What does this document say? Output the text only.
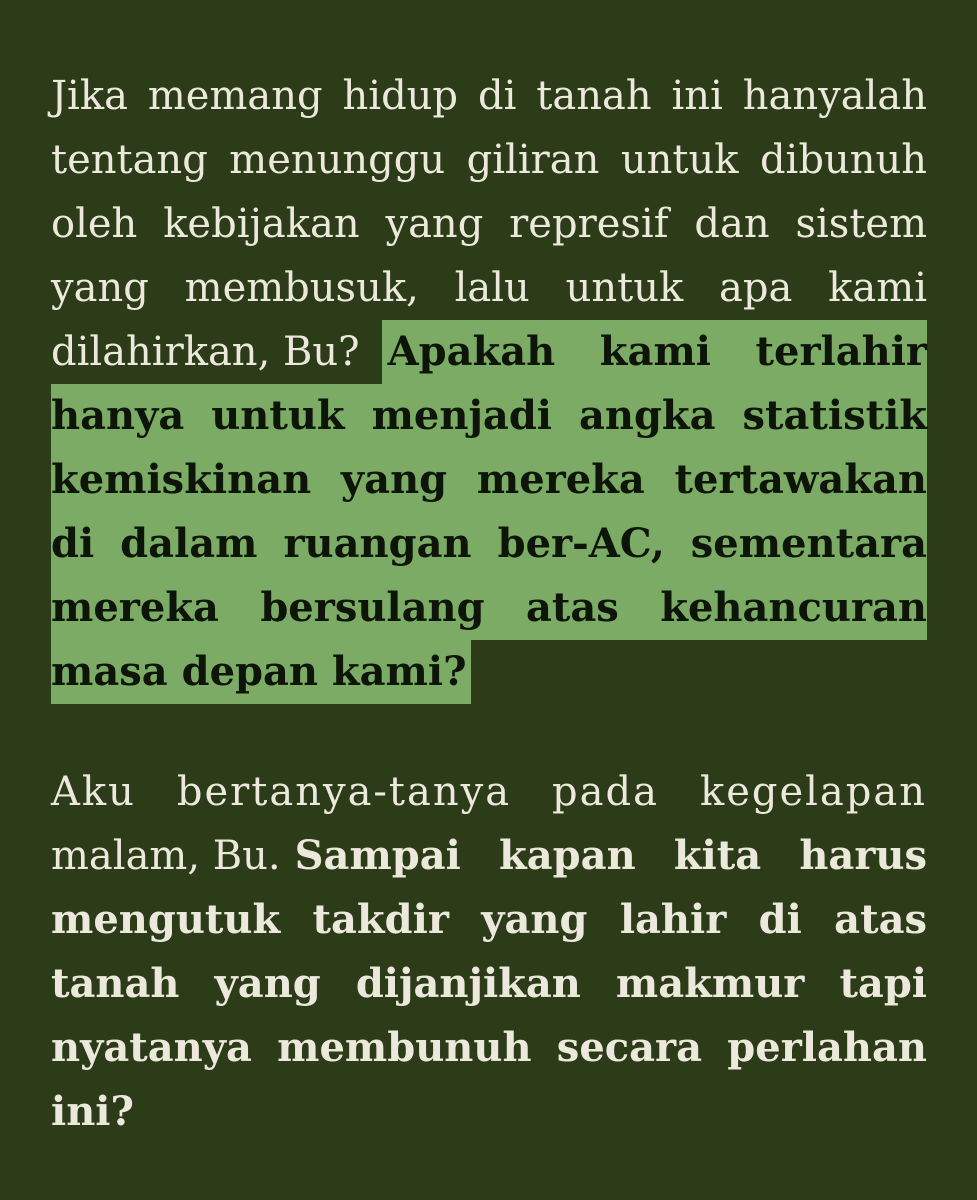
Jika memang hidup di tanah ini hanyalah
tentang menunggu giliran untuk dibunuh
oleh kebijakan yang represif dan sistem
yang membusuk, lalu untuk apa kami
dilahirkan, Bu? Apakah kami terlahir
hanya untuk menjadi angka statistik
kemiskinan yang mereka tertawakan
di dalam ruangan ber-AC, sementara
mereka bersulang atas kehancuran
masa depan kami?
Aku bertanya-tanya pada kegelapan
malam, Bu. Sampai kapan kita harus
mengutuk takdir yang lahir di atas
tanah yang dijanjikan makmur tapi
nyatanya membunuh secara perlahan
ini?
